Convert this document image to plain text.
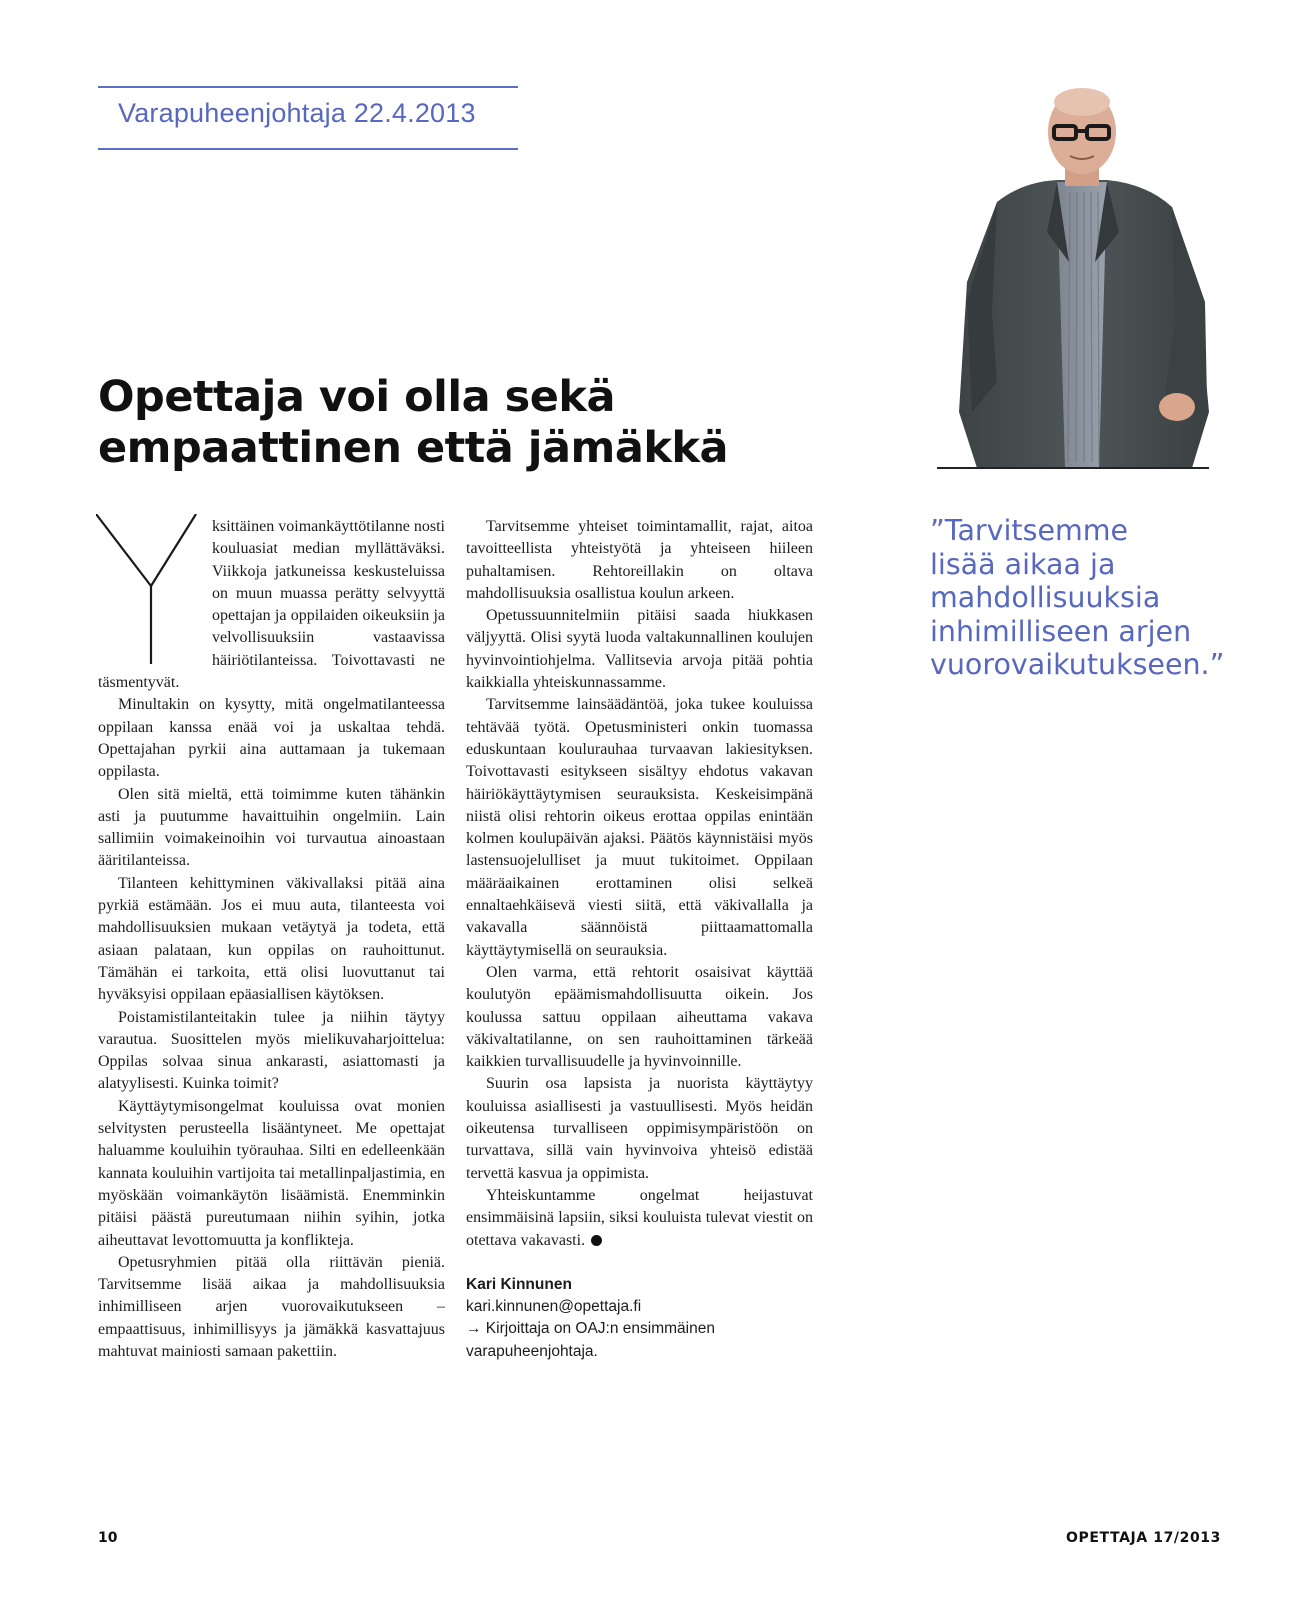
Varapuheenjohtaja 22.4.2013
Opettaja voi olla sekä
empaattinen että jämäkkä

ksittäinen voimankäyttötilanne nosti kouluasiat median myllättäväksi. Viikkoja jatkuneissa keskusteluissa on muun muassa perätty selvyyttä opettajan ja oppilaiden oikeuksiin ja velvollisuuksiin vastaavissa häiriötilanteissa. Toivottavasti ne täsmentyvät.

Minultakin on kysytty, mitä ongelmatilanteessa oppilaan kanssa enää voi ja uskaltaa tehdä. Opettajahan pyrkii aina auttamaan ja tukemaan oppilasta.

Olen sitä mieltä, että toimimme kuten tähänkin asti ja puutumme havaittuihin ongelmiin. Lain sallimiin voimakeinoihin voi turvautua ainoastaan ääritilanteissa.

Tilanteen kehittyminen väkivallaksi pitää aina pyrkiä estämään. Jos ei muu auta, tilanteesta voi mahdollisuuksien mukaan vetäytyä ja todeta, että asiaan palataan, kun oppilas on rauhoittunut. Tämähän ei tarkoita, että olisi luovuttanut tai hyväksyisi oppilaan epäasiallisen käytöksen.

Poistamistilanteitakin tulee ja niihin täytyy varautua. Suosittelen myös mielikuvaharjoittelua: Oppilas solvaa sinua ankarasti, asiattomasti ja alatyylisesti. Kuinka toimit?

Käyttäytymisongelmat kouluissa ovat monien selvitysten perusteella lisääntyneet. Me opettajat haluamme kouluihin työrauhaa. Silti en edelleenkään kannata kouluihin vartijoita tai metallinpaljastimia, en myöskään voimankäytön lisäämistä. Enemminkin pitäisi päästä pureutumaan niihin syihin, jotka aiheuttavat levottomuutta ja konflikteja.

Opetusryhmien pitää olla riittävän pieniä. Tarvitsemme lisää aikaa ja mahdollisuuksia inhimilliseen arjen vuorovaikutukseen – empaattisuus, inhimillisyys ja jämäkkä kasvattajuus mahtuvat mainiosti samaan pakettiin.

Tarvitsemme yhteiset toimintamallit, rajat, aitoa tavoitteellista yhteistyötä ja yhteiseen hiileen puhaltamisen. Rehtoreillakin on oltava mahdollisuuksia osallistua koulun arkeen.

Opetussuunnitelmiin pitäisi saada hiukkasen väljyyttä. Olisi syytä luoda valtakunnallinen koulujen hyvinvointiohjelma. Vallitsevia arvoja pitää pohtia kaikkialla yhteiskunnassamme.

Tarvitsemme lainsäädäntöä, joka tukee kouluissa tehtävää työtä. Opetusministeri onkin tuomassa eduskuntaan koulurauhaa turvaavan lakiesityksen. Toivottavasti esitykseen sisältyy ehdotus vakavan häiriökäyttäytymisen seurauksista. Keskeisimpänä niistä olisi rehtorin oikeus erottaa oppilas enintään kolmen koulupäivän ajaksi. Päätös käynnistäisi myös lastensuojelulliset ja muut tukitoimet. Oppilaan määräaikainen erottaminen olisi selkeä ennaltaehkäisevä viesti siitä, että väkivallalla ja vakavalla säännöistä piittaamattomalla käyttäytymisellä on seurauksia.

Olen varma, että rehtorit osaisivat käyttää koulutyön epäämismahdollisuutta oikein. Jos koulussa sattuu oppilaan aiheuttama vakava väkivaltatilanne, on sen rauhoittaminen tärkeää kaikkien turvallisuudelle ja hyvinvoinnille.

Suurin osa lapsista ja nuorista käyttäytyy kouluissa asiallisesti ja vastuullisesti. Myös heidän oikeutensa turvalliseen oppimisympäristöön on turvattava, sillä vain hyvinvoiva yhteisö edistää tervettä kasvua ja oppimista.

Yhteiskuntamme ongelmat heijastuvat ensimmäisinä lapsiin, siksi kouluista tulevat viestit on otettava vakavasti.

Kari Kinnunen
kari.kinnunen@opettaja.fi
→ Kirjoittaja on OAJ:n ensimmäinen
varapuheenjohtaja.

”Tarvitsemme
lisää aikaa ja
mahdollisuuksia
inhimilliseen arjen
vuorovaikutukseen.”
10	OPETTAJA 17/2013
